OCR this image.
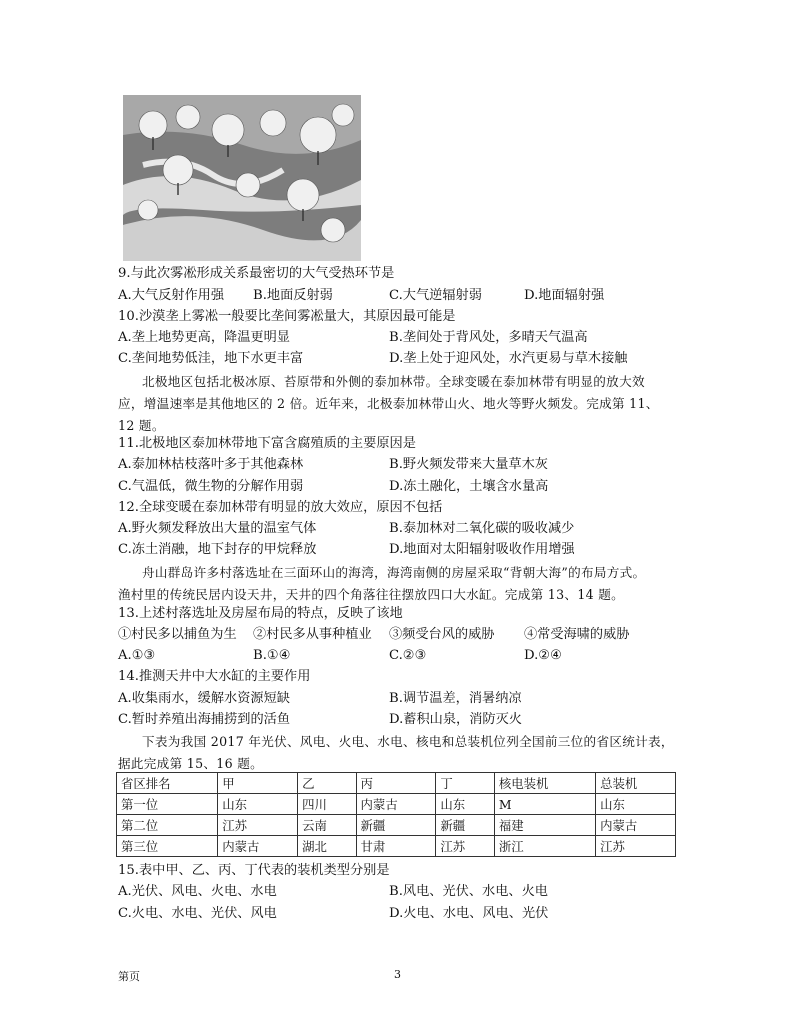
9.与此次雾凇形成关系最密切的大气受热环节是
A.大气反射作用强 B.地面反射弱	C.大气逆辐射弱	D.地面辐射强
10.沙漠垄上雾凇一般要比垄间雾凇量大，其原因最可能是
A.垄上地势更高，降温更明显	B.垄间处于背风处，多晴天气温高
C.垄间地势低洼，地下水更丰富	D.垄上处于迎风处，水汽更易与草木接触
北极地区包括北极冰原、苔原带和外侧的泰加林带。全球变暖在泰加林带有明显的放大效
应，增温速率是其他地区的 2 倍。近年来，北极泰加林带山火、地火等野火频发。完成第 11、
12 题。
11.北极地区泰加林带地下富含腐殖质的主要原因是
A.泰加林枯枝落叶多于其他森林	B.野火频发带来大量草木灰
C.气温低，微生物的分解作用弱	D.冻土融化，土壤含水量高
12.全球变暖在泰加林带有明显的放大效应，原因不包括
A.野火频发释放出大量的温室气体	B.泰加林对二氧化碳的吸收减少
C.冻土消融，地下封存的甲烷释放	D.地面对太阳辐射吸收作用增强
舟山群岛许多村落选址在三面环山的海湾，海湾南侧的房屋采取“背朝大海”的布局方式。
渔村里的传统民居内设天井，天井的四个角落往往摆放四口大水缸。完成第 13、14 题。
13.上述村落选址及房屋布局的特点，反映了该地
①村民多以捕鱼为生 ②村民多从事种植业 ③频受台风的威胁 ④常受海啸的威胁
A.①③	B.①④	C.②③	D.②④
14.推测天井中大水缸的主要作用
A.收集雨水，缓解水资源短缺	B.调节温差，消暑纳凉
C.暂时养殖出海捕捞到的活鱼	D.蓄积山泉，消防灭火
下表为我国 2017 年光伏、风电、火电、水电、核电和总装机位列全国前三位的省区统计表，
据此完成第 15、16 题。
省区排名	甲	乙	丙	丁	核电装机	总装机
第一位	山东	四川	内蒙古	山东	M	山东
第二位	江苏	云南	新疆	新疆	福建	内蒙古
第三位	内蒙古	湖北	甘肃	江苏	浙江	江苏
15.表中甲、乙、丙、丁代表的装机类型分别是
A.光伏、风电、火电、水电	B.风电、光伏、水电、火电
C.火电、水电、光伏、风电	D.火电、水电、风电、光伏
第页	3
